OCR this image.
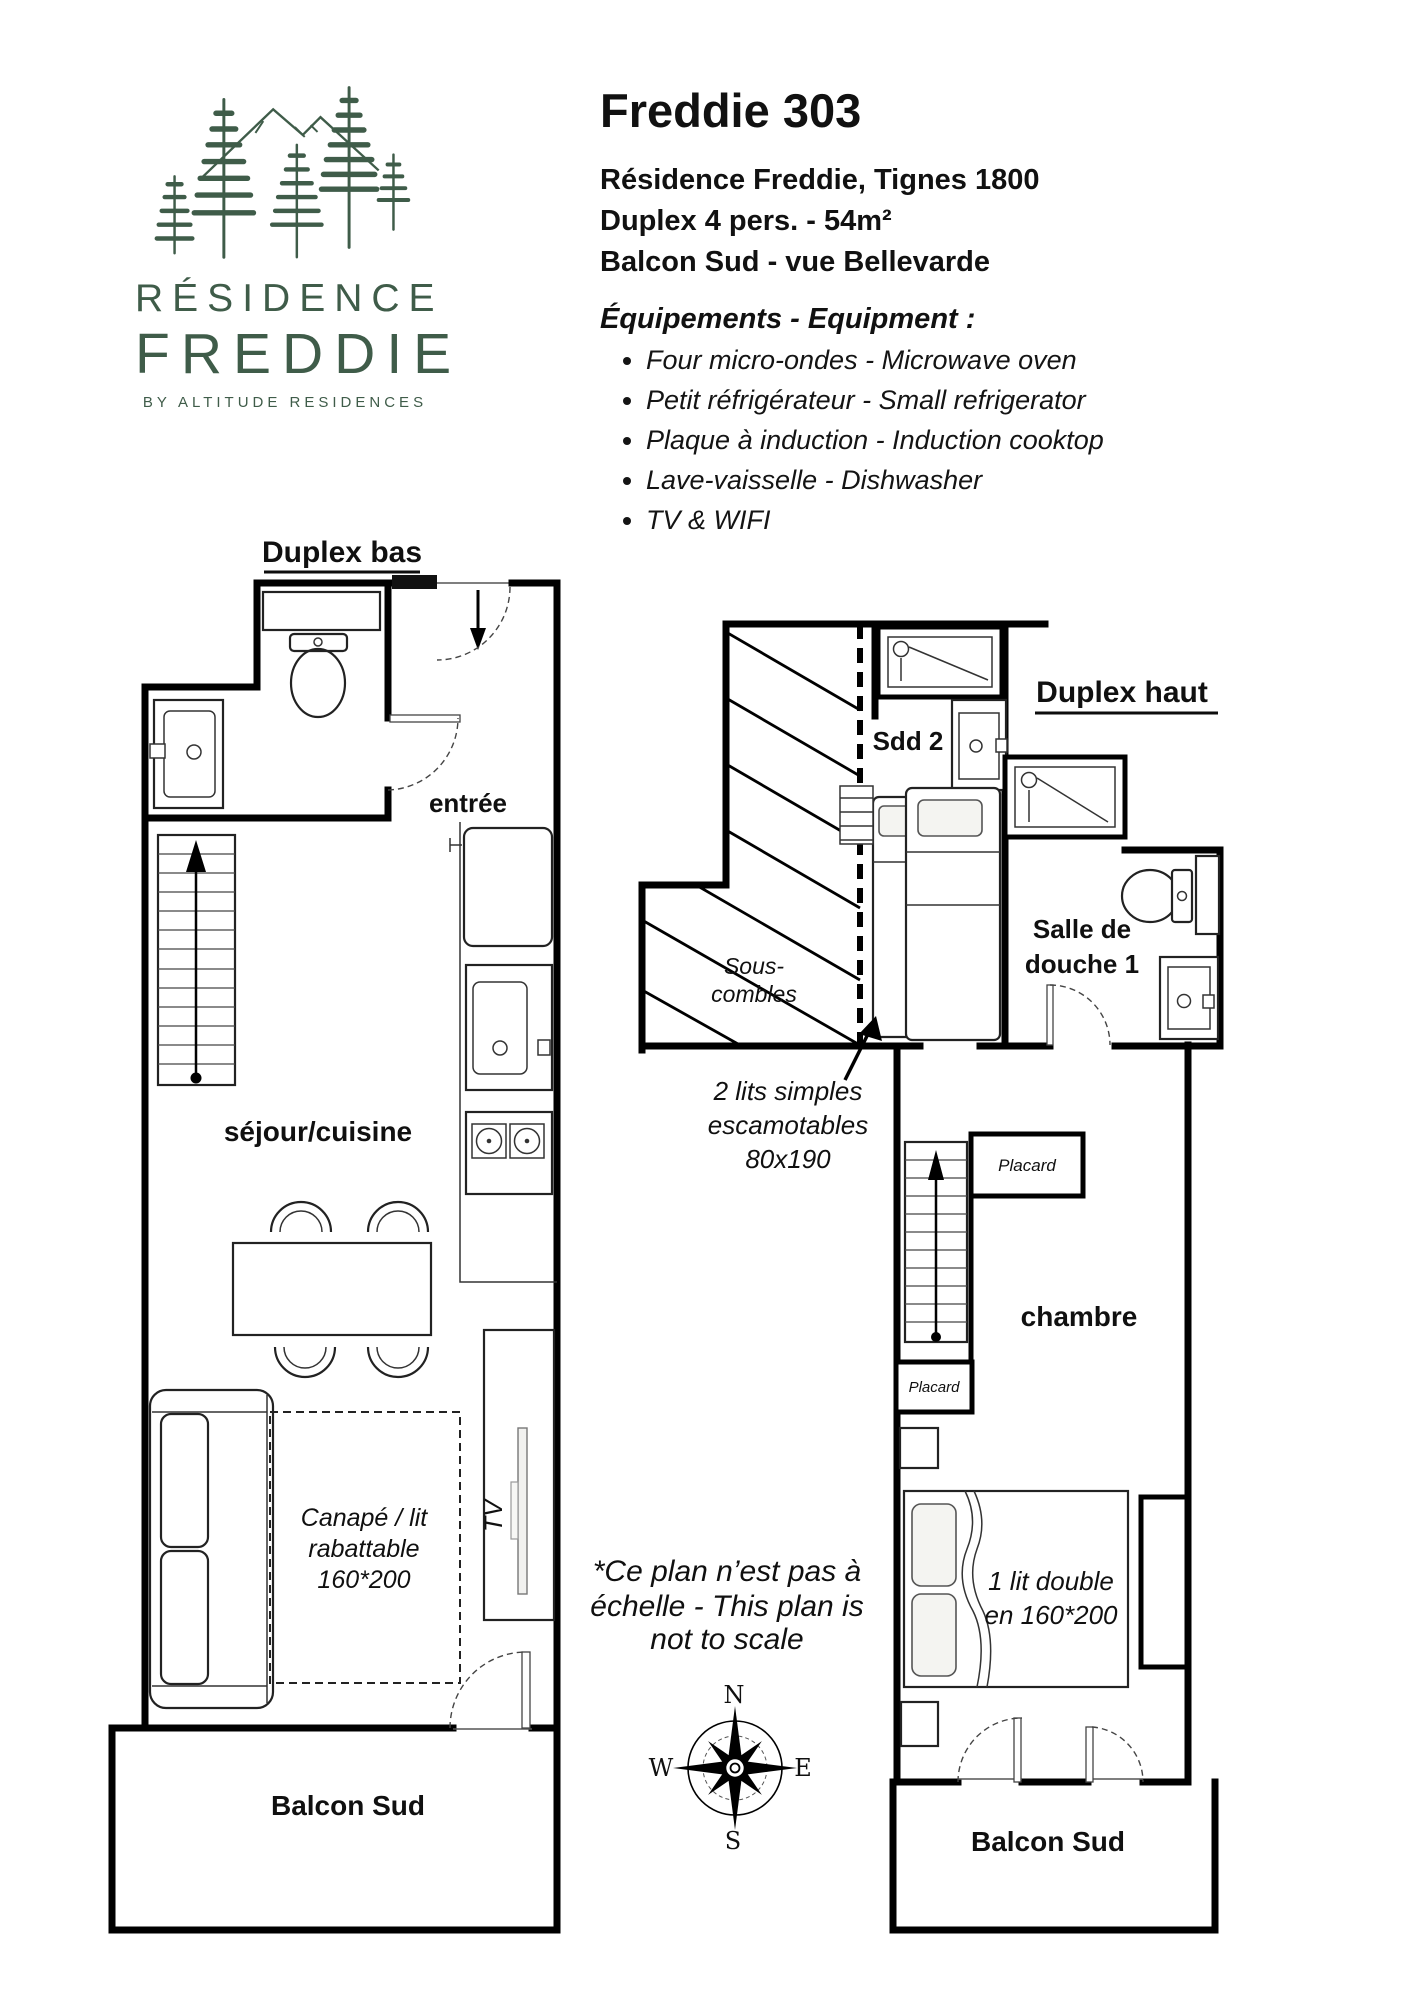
RÉSIDENCE
FREDDIE
BY ALTITUDE RESIDENCES
Freddie 303
Résidence Freddie, Tignes 1800
Duplex 4 pers. - 54m²
Balcon Sud - vue Bellevarde
Équipements - Equipment :
• Four micro-ondes - Microwave oven
• Petit réfrigérateur - Small refrigerator
• Plaque à induction - Induction cooktop
• Lave-vaisselle - Dishwasher
• TV & WIFI
Duplex bas
entrée
séjour/cuisine
Canapé / lit
rabattable
160*200
TV
Balcon Sud
Duplex haut
Placard
Placard
Sdd 2
Sous-
combles
Salle de
douche 1
2 lits simples
escamotables
80x190
chambre
1 lit double
en 160*200
Balcon Sud
*Ce plan n’est pas à
échelle - This plan is
not to scale
N
E
S
W
